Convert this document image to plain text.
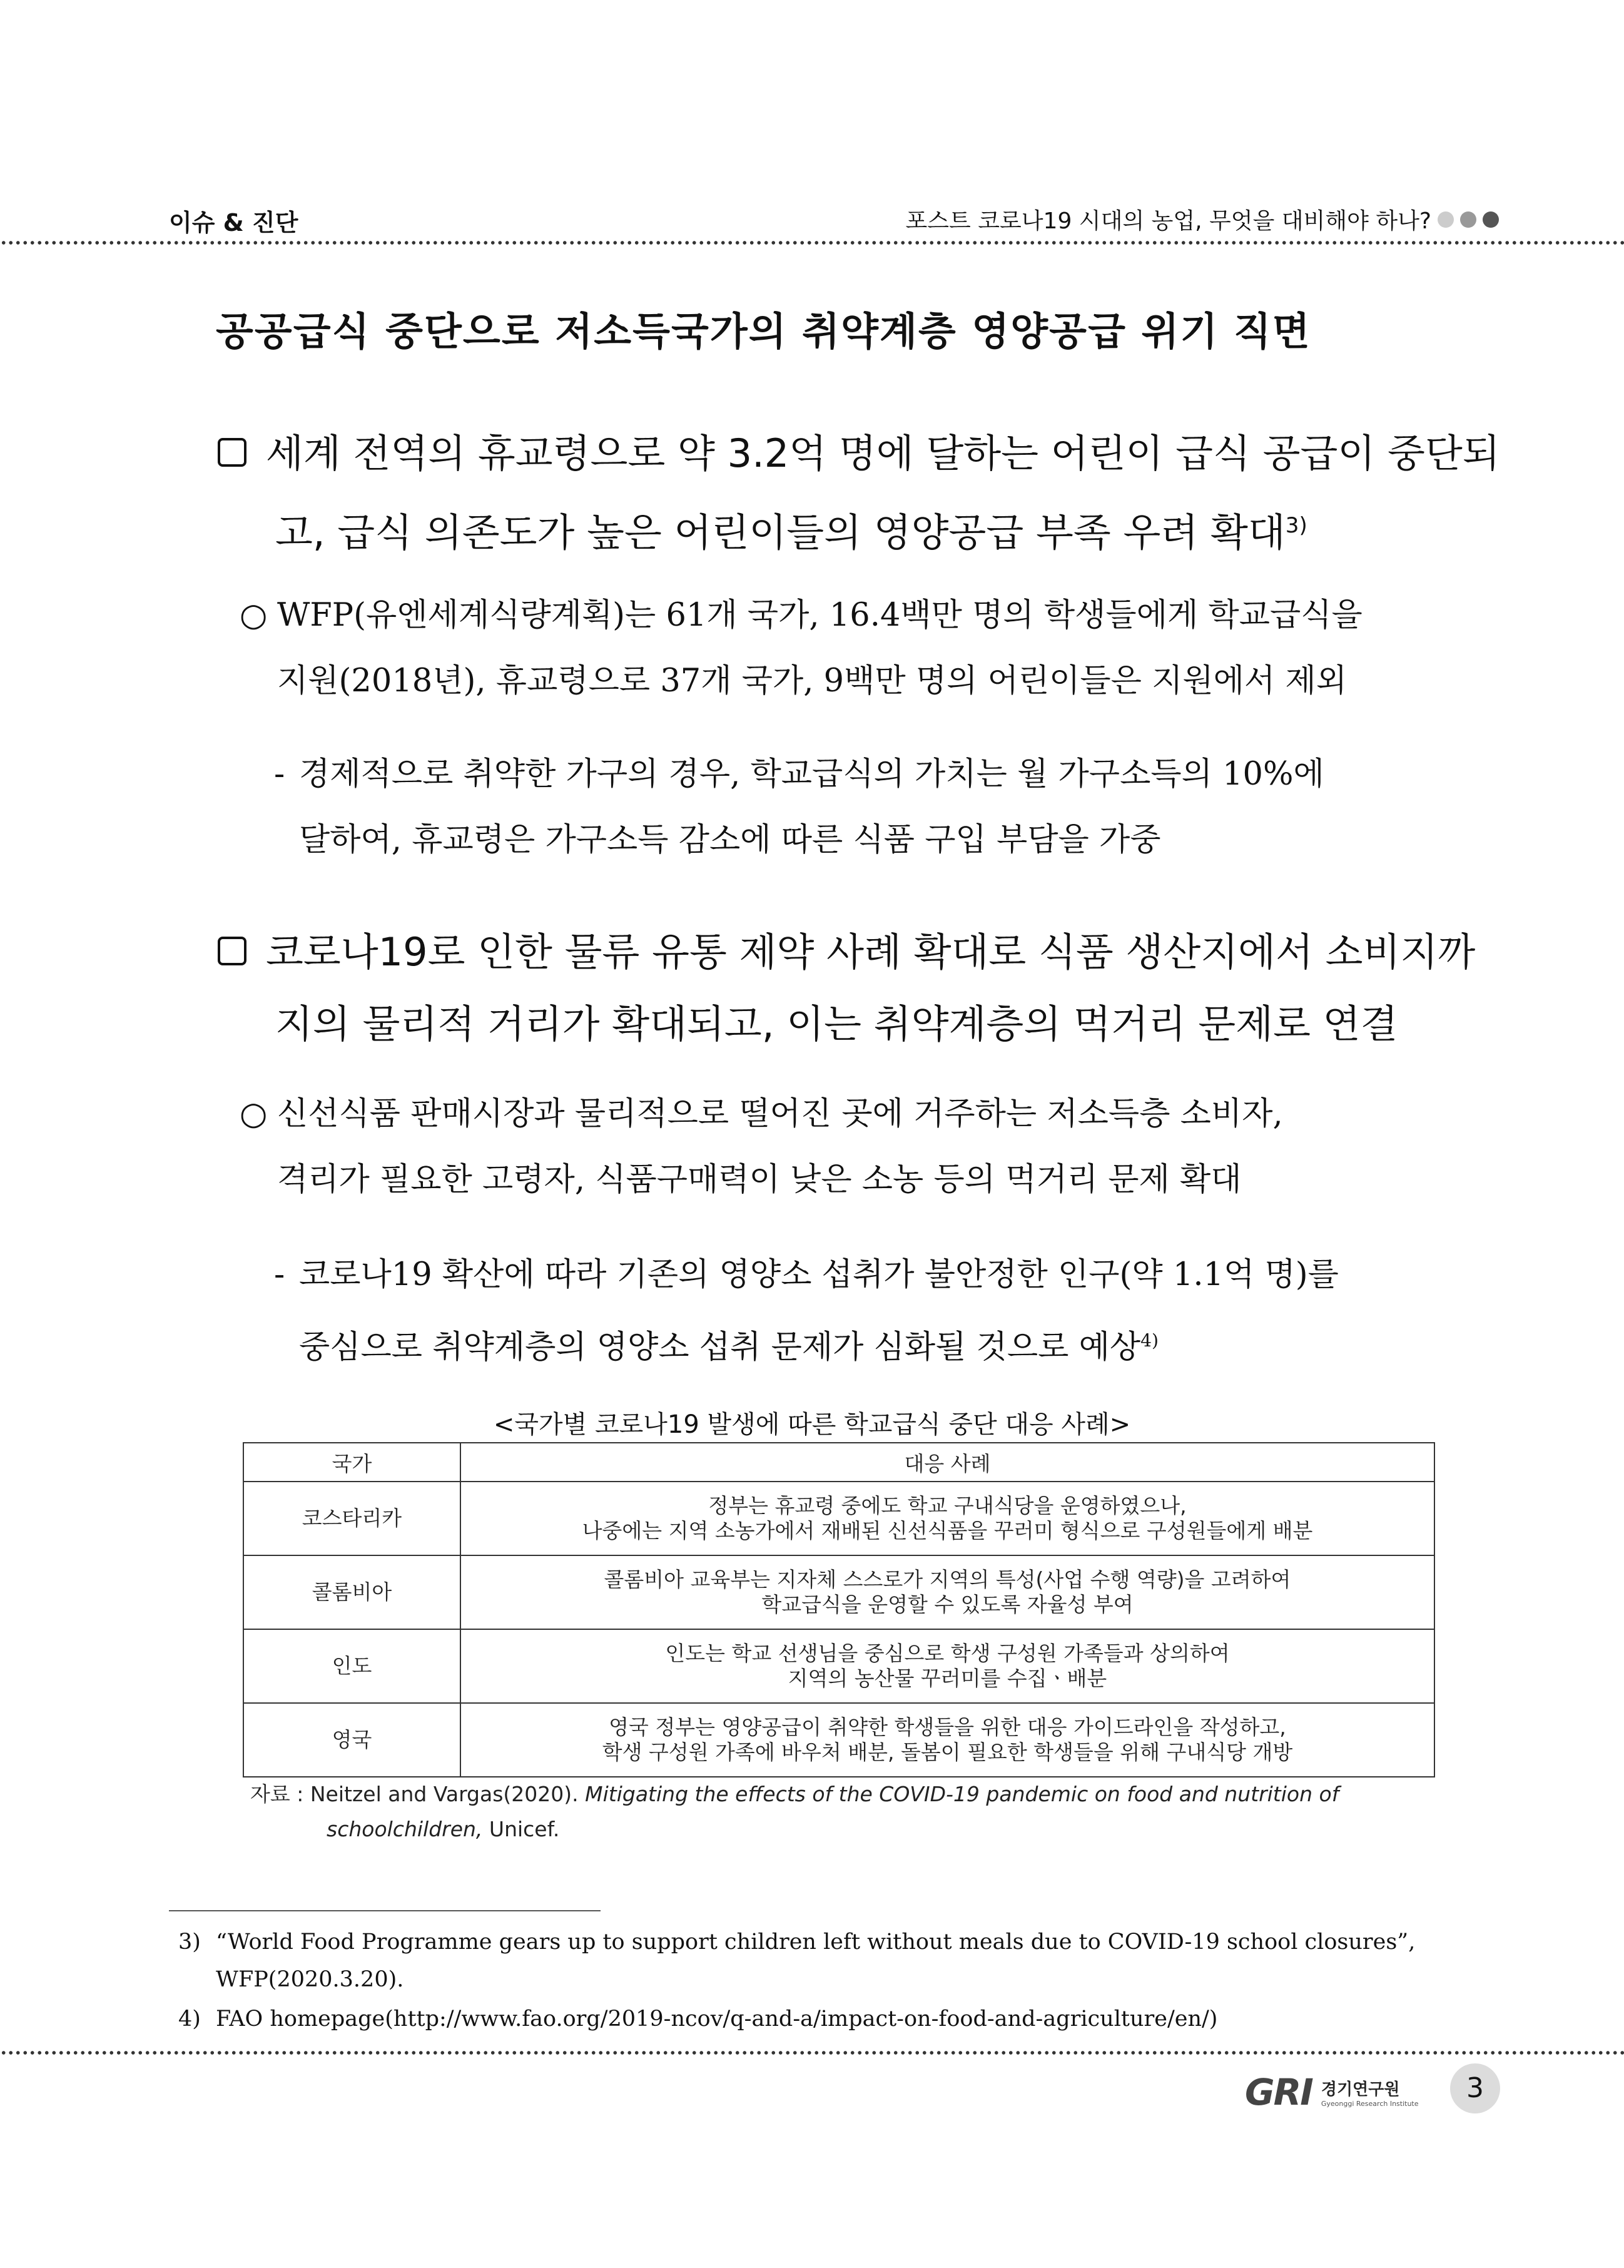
이슈 & 진단	포스트 코로나19 시대의 농업, 무엇을 대비해야 하나?
공공급식 중단으로 저소득국가의 취약계층 영양공급 위기 직면
세계 전역의 휴교령으로 약 3.2억 명에 달하는 어린이 급식 공급이 중단되
고, 급식 의존도가 높은 어린이들의 영양공급 부족 우려 확대$^{3)}$
○ WFP(유엔세계식량계획)는 61개 국가, 16.4백만 명의 학생들에게 학교급식을
지원(2018년), 휴교령으로 37개 국가, 9백만 명의 어린이들은 지원에서 제외
- 경제적으로 취약한 가구의 경우, 학교급식의 가치는 월 가구소득의 10%에
달하여, 휴교령은 가구소득 감소에 따른 식품 구입 부담을 가중
코로나19로 인한 물류 유통 제약 사례 확대로 식품 생산지에서 소비지까
지의 물리적 거리가 확대되고, 이는 취약계층의 먹거리 문제로 연결
○ 신선식품 판매시장과 물리적으로 떨어진 곳에 거주하는 저소득층 소비자,
격리가 필요한 고령자, 식품구매력이 낮은 소농 등의 먹거리 문제 확대
- 코로나19 확산에 따라 기존의 영양소 섭취가 불안정한 인구(약 1.1억 명)를
중심으로 취약계층의 영양소 섭취 문제가 심화될 것으로 예상$^{4)}$
<국가별 코로나19 발생에 따른 학교급식 중단 대응 사례>
국가	대응 사례
코스타리카	정부는 휴교령 중에도 학교 구내식당을 운영하였으나,
나중에는 지역 소농가에서 재배된 신선식품을 꾸러미 형식으로 구성원들에게 배분

콜롬비아	콜롬비아 교육부는 지자체 스스로가 지역의 특성(사업 수행 역량)을 고려하여
학교급식을 운영할 수 있도록 자율성 부여

인도	인도는 학교 선생님을 중심으로 학생 구성원 가족들과 상의하여
지역의 농산물 꾸러미를 수집ㆍ배분

영국	영국 정부는 영양공급이 취약한 학생들을 위한 대응 가이드라인을 작성하고,
학생 구성원 가족에 바우처 배분, 돌봄이 필요한 학생들을 위해 구내식당 개방
자료 : Neitzel and Vargas(2020). Mitigating the effects of the COVID-19 pandemic on food and nutrition of
schoolchildren, Unicef.
3) “World Food Programme gears up to support children left without meals due to COVID-19 school closures”,
WFP(2020.3.20).
4) FAO homepage(http://www.fao.org/2019-ncov/q-and-a/impact-on-food-and-agriculture/en/)
GRI 경기연구원
Gyeonggi Research Institute	3
